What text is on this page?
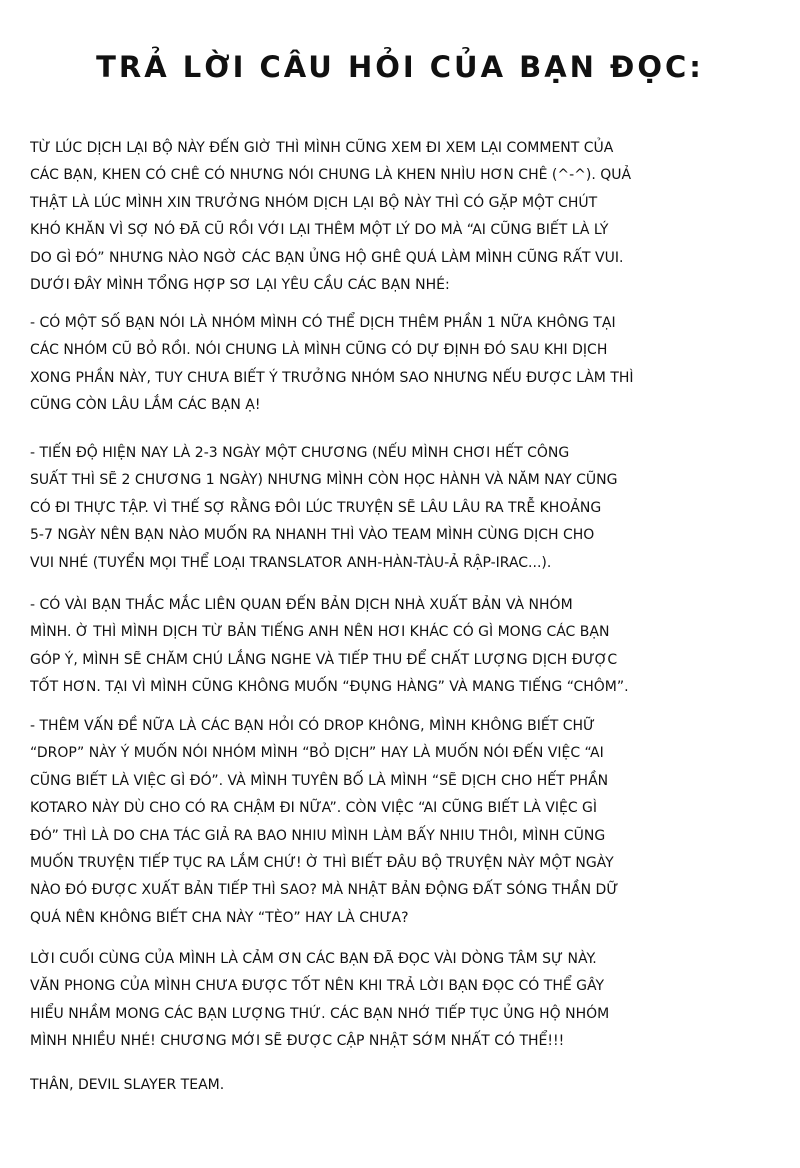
TRẢ LỜI CÂU HỎI CỦA BẠN ĐỌC:
TỪ LÚC DỊCH LẠI BỘ NÀY ĐẾN GIỜ THÌ MÌNH CŨNG XEM ĐI XEM LẠI COMMENT CỦA
CÁC BẠN, KHEN CÓ CHÊ CÓ NHƯNG NÓI CHUNG LÀ KHEN NHÌU HƠN CHÊ (^-^). QUẢ
THẬT LÀ LÚC MÌNH XIN TRƯỞNG NHÓM DỊCH LẠI BỘ NÀY THÌ CÓ GẶP MỘT CHÚT
KHÓ KHĂN VÌ SỢ NÓ ĐÃ CŨ RỒI VỚI LẠI THÊM MỘT LÝ DO MÀ “AI CŨNG BIẾT LÀ LÝ
DO GÌ ĐÓ” NHƯNG NÀO NGỜ CÁC BẠN ỦNG HỘ GHÊ QUÁ LÀM MÌNH CŨNG RẤT VUI.
DƯỚI ĐÂY MÌNH TỔNG HỢP SƠ LẠI YÊU CẦU CÁC BẠN NHÉ:
- CÓ MỘT SỐ BẠN NÓI LÀ NHÓM MÌNH CÓ THỂ DỊCH THÊM PHẦN 1 NỮA KHÔNG TẠI
CÁC NHÓM CŨ BỎ RỒI. NÓI CHUNG LÀ MÌNH CŨNG CÓ DỰ ĐỊNH ĐÓ SAU KHI DỊCH
XONG PHẦN NÀY, TUY CHƯA BIẾT Ý TRƯỞNG NHÓM SAO NHƯNG NẾU ĐƯỢC LÀM THÌ
CŨNG CÒN LÂU LẮM CÁC BẠN Ạ!
- TIẾN ĐỘ HIỆN NAY LÀ 2-3 NGÀY MỘT CHƯƠNG (NẾU MÌNH CHƠI HẾT CÔNG
SUẤT THÌ SẼ 2 CHƯƠNG 1 NGÀY) NHƯNG MÌNH CÒN HỌC HÀNH VÀ NĂM NAY CŨNG
CÓ ĐI THỰC TẬP. VÌ THẾ SỢ RẰNG ĐÔI LÚC TRUYỆN SẼ LÂU LÂU RA TRỄ KHOẢNG
5-7 NGÀY NÊN BẠN NÀO MUỐN RA NHANH THÌ VÀO TEAM MÌNH CÙNG DỊCH CHO
VUI NHÉ (TUYỂN MỌI THỂ LOẠI TRANSLATOR ANH-HÀN-TÀU-Ả RẬP-IRAC...).
- CÓ VÀI BẠN THẮC MẮC LIÊN QUAN ĐẾN BẢN DỊCH NHÀ XUẤT BẢN VÀ NHÓM
MÌNH. Ờ THÌ MÌNH DỊCH TỪ BẢN TIẾNG ANH NÊN HƠI KHÁC CÓ GÌ MONG CÁC BẠN
GÓP Ý, MÌNH SẼ CHĂM CHÚ LẮNG NGHE VÀ TIẾP THU ĐỂ CHẤT LƯỢNG DỊCH ĐƯỢC
TỐT HƠN. TẠI VÌ MÌNH CŨNG KHÔNG MUỐN “ĐỤNG HÀNG” VÀ MANG TIẾNG “CHÔM”.
- THÊM VẤN ĐỀ NỮA LÀ CÁC BẠN HỎI CÓ DROP KHÔNG, MÌNH KHÔNG BIẾT CHỮ
“DROP” NÀY Ý MUỐN NÓI NHÓM MÌNH “BỎ DỊCH” HAY LÀ MUỐN NÓI ĐẾN VIỆC “AI
CŨNG BIẾT LÀ VIỆC GÌ ĐÓ”. VÀ MÌNH TUYÊN BỐ LÀ MÌNH “SẼ DỊCH CHO HẾT PHẦN
KOTARO NÀY DÙ CHO CÓ RA CHẬM ĐI NỮA”. CÒN VIỆC “AI CŨNG BIẾT LÀ VIỆC GÌ
ĐÓ” THÌ LÀ DO CHA TÁC GIẢ RA BAO NHIU MÌNH LÀM BẤY NHIU THÔI, MÌNH CŨNG
MUỐN TRUYỆN TIẾP TỤC RA LẮM CHỨ! Ờ THÌ BIẾT ĐÂU BỘ TRUYỆN NÀY MỘT NGÀY
NÀO ĐÓ ĐƯỢC XUẤT BẢN TIẾP THÌ SAO? MÀ NHẬT BẢN ĐỘNG ĐẤT SÓNG THẦN DỮ
QUÁ NÊN KHÔNG BIẾT CHA NÀY “TÈO” HAY LÀ CHƯA?
LỜI CUỐI CÙNG CỦA MÌNH LÀ CẢM ƠN CÁC BẠN ĐÃ ĐỌC VÀI DÒNG TÂM SỰ NÀY.
VĂN PHONG CỦA MÌNH CHƯA ĐƯỢC TỐT NÊN KHI TRẢ LỜI BẠN ĐỌC CÓ THỂ GÂY
HIỂU NHẦM MONG CÁC BẠN LƯỢNG THỨ. CÁC BẠN NHỚ TIẾP TỤC ỦNG HỘ NHÓM
MÌNH NHIỀU NHÉ! CHƯƠNG MỚI SẼ ĐƯỢC CẬP NHẬT SỚM NHẤT CÓ THỂ!!!
THÂN, DEVIL SLAYER TEAM.
